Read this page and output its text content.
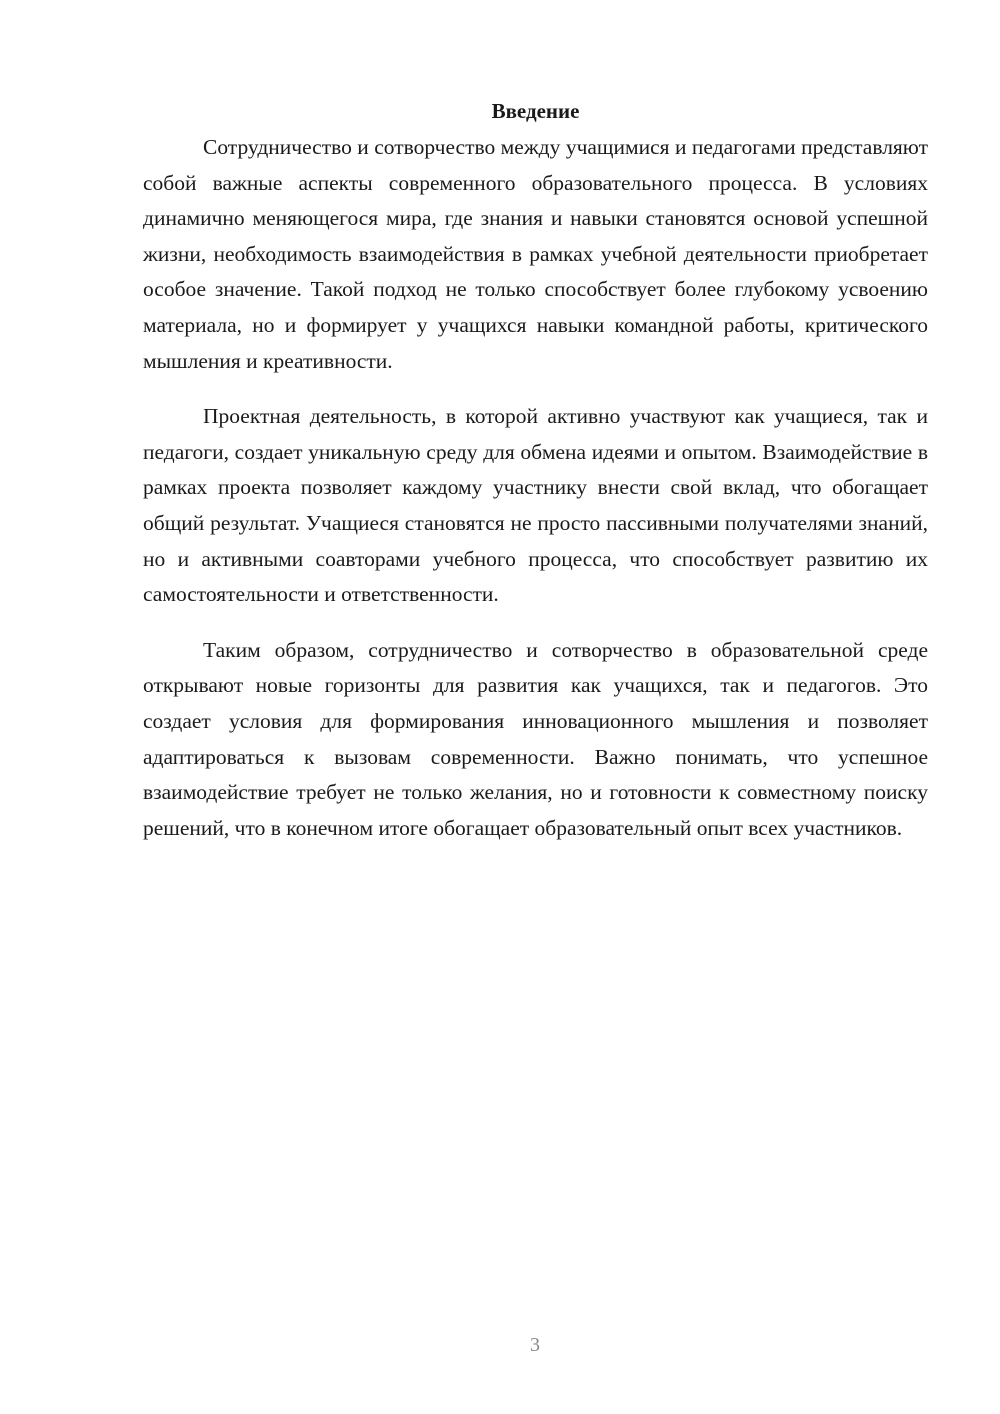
Введение

Сотрудничество и сотворчество между учащимися и педагогами представляют собой важные аспекты современного образовательного процесса. В условиях динамично меняющегося мира, где знания и навыки становятся основой успешной жизни, необходимость взаимодействия в рамках учебной деятельности приобретает особое значение. Такой подход не только способствует более глубокому усвоению материала, но и формирует у учащихся навыки командной работы, критического мышления и креативности.

Проектная деятельность, в которой активно участвуют как учащиеся, так и педагоги, создает уникальную среду для обмена идеями и опытом. Взаимодействие в рамках проекта позволяет каждому участнику внести свой вклад, что обогащает общий результат. Учащиеся становятся не просто пассивными получателями знаний, но и активными соавторами учебного процесса, что способствует развитию их самостоятельности и ответственности.

Таким образом, сотрудничество и сотворчество в образовательной среде открывают новые горизонты для развития как учащихся, так и педагогов. Это создает условия для формирования инновационного мышления и позволяет адаптироваться к вызовам современности. Важно понимать, что успешное взаимодействие требует не только желания, но и готовности к совместному поиску решений, что в конечном итоге обогащает образовательный опыт всех участников.

3
